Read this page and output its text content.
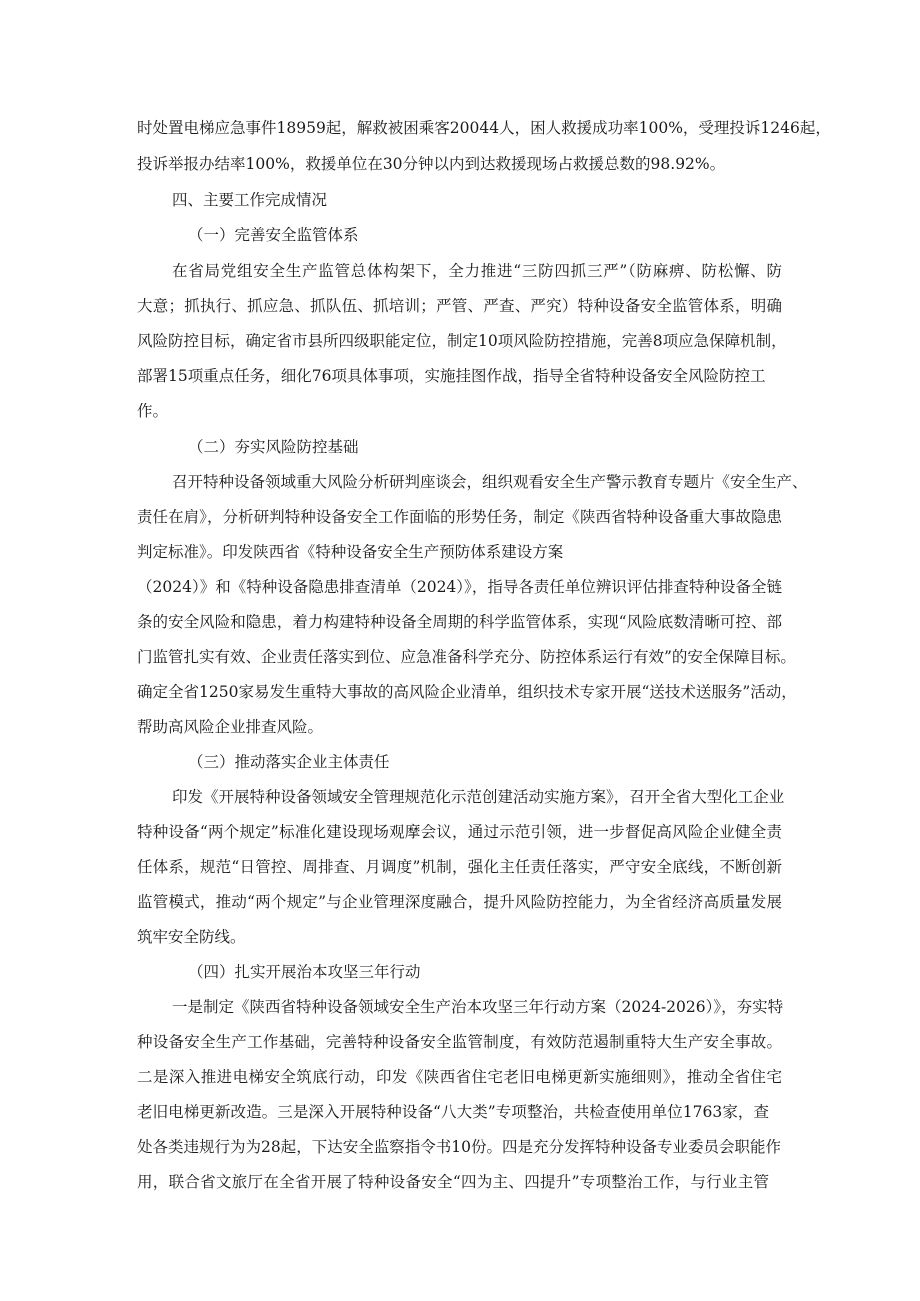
时处置电梯应急事件18959起，解救被困乘客20044人，困人救援成功率100%，受理投诉1246起，
投诉举报办结率100%，救援单位在30分钟以内到达救援现场占救援总数的98.92%。
四、主要工作完成情况
（一）完善安全监管体系
在省局党组安全生产监管总体构架下，全力推进“三防四抓三严”（防麻痹、防松懈、防
大意；抓执行、抓应急、抓队伍、抓培训；严管、严查、严究）特种设备安全监管体系，明确
风险防控目标，确定省市县所四级职能定位，制定10项风险防控措施，完善8项应急保障机制，
部署15项重点任务，细化76项具体事项，实施挂图作战，指导全省特种设备安全风险防控工
作。
（二）夯实风险防控基础
召开特种设备领域重大风险分析研判座谈会，组织观看安全生产警示教育专题片《安全生产、
责任在肩》，分析研判特种设备安全工作面临的形势任务，制定《陕西省特种设备重大事故隐患
判定标准》。印发陕西省《特种设备安全生产预防体系建设方案
（2024）》和《特种设备隐患排查清单（2024）》，指导各责任单位辨识评估排查特种设备全链
条的安全风险和隐患，着力构建特种设备全周期的科学监管体系，实现“风险底数清晰可控、部
门监管扎实有效、企业责任落实到位、应急准备科学充分、防控体系运行有效”的安全保障目标。
确定全省1250家易发生重特大事故的高风险企业清单，组织技术专家开展“送技术送服务”活动，
帮助高风险企业排查风险。
（三）推动落实企业主体责任
印发《开展特种设备领域安全管理规范化示范创建活动实施方案》，召开全省大型化工企业
特种设备“两个规定”标准化建设现场观摩会议，通过示范引领，进一步督促高风险企业健全责
任体系，规范“日管控、周排查、月调度”机制，强化主任责任落实，严守安全底线，不断创新
监管模式，推动“两个规定”与企业管理深度融合，提升风险防控能力，为全省经济高质量发展
筑牢安全防线。
（四）扎实开展治本攻坚三年行动
一是制定《陕西省特种设备领域安全生产治本攻坚三年行动方案（2024-2026）》，夯实特
种设备安全生产工作基础，完善特种设备安全监管制度，有效防范遏制重特大生产安全事故。
二是深入推进电梯安全筑底行动，印发《陕西省住宅老旧电梯更新实施细则》，推动全省住宅
老旧电梯更新改造。三是深入开展特种设备“八大类”专项整治，共检查使用单位1763家，查
处各类违规行为为28起，下达安全监察指令书10份。四是充分发挥特种设备专业委员会职能作
用，联合省文旅厅在全省开展了特种设备安全“四为主、四提升”专项整治工作，与行业主管
